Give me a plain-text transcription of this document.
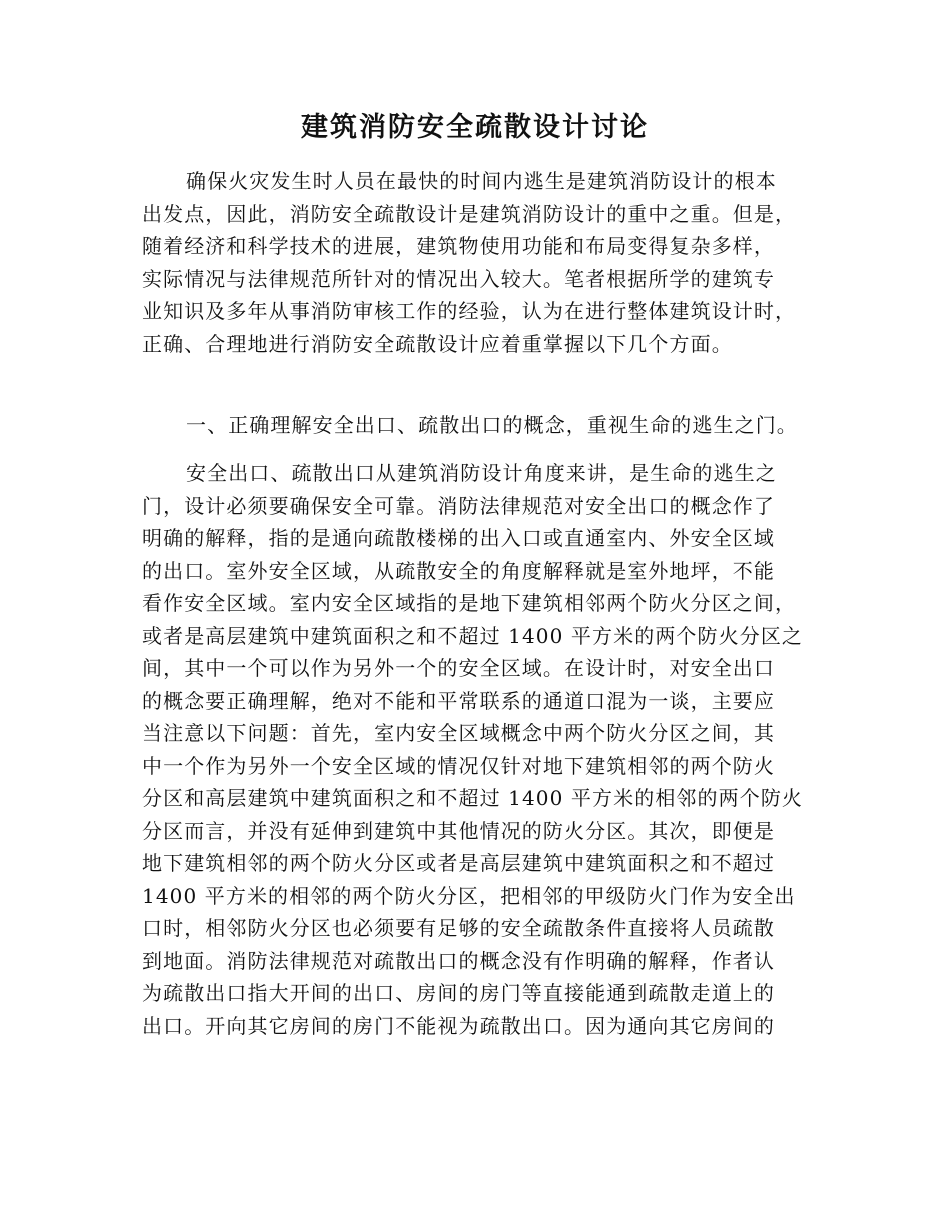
建筑消防安全疏散设计讨论
确保火灾发生时人员在最快的时间内逃生是建筑消防设计的根本
出发点，因此，消防安全疏散设计是建筑消防设计的重中之重。但是，
随着经济和科学技术的进展，建筑物使用功能和布局变得复杂多样，
实际情况与法律规范所针对的情况出入较大。笔者根据所学的建筑专
业知识及多年从事消防审核工作的经验，认为在进行整体建筑设计时，
正确、合理地进行消防安全疏散设计应着重掌握以下几个方面。
一、正确理解安全出口、疏散出口的概念，重视生命的逃生之门。
安全出口、疏散出口从建筑消防设计角度来讲，是生命的逃生之
门，设计必须要确保安全可靠。消防法律规范对安全出口的概念作了
明确的解释，指的是通向疏散楼梯的出入口或直通室内、外安全区域
的出口。室外安全区域，从疏散安全的角度解释就是室外地坪，不能
看作安全区域。室内安全区域指的是地下建筑相邻两个防火分区之间，
或者是高层建筑中建筑面积之和不超过 1400 平方米的两个防火分区之
间，其中一个可以作为另外一个的安全区域。在设计时，对安全出口
的概念要正确理解，绝对不能和平常联系的通道口混为一谈，主要应
当注意以下问题：首先，室内安全区域概念中两个防火分区之间，其
中一个作为另外一个安全区域的情况仅针对地下建筑相邻的两个防火
分区和高层建筑中建筑面积之和不超过 1400 平方米的相邻的两个防火
分区而言，并没有延伸到建筑中其他情况的防火分区。其次，即便是
地下建筑相邻的两个防火分区或者是高层建筑中建筑面积之和不超过
1400 平方米的相邻的两个防火分区，把相邻的甲级防火门作为安全出
口时，相邻防火分区也必须要有足够的安全疏散条件直接将人员疏散
到地面。消防法律规范对疏散出口的概念没有作明确的解释，作者认
为疏散出口指大开间的出口、房间的房门等直接能通到疏散走道上的
出口。开向其它房间的房门不能视为疏散出口。因为通向其它房间的
